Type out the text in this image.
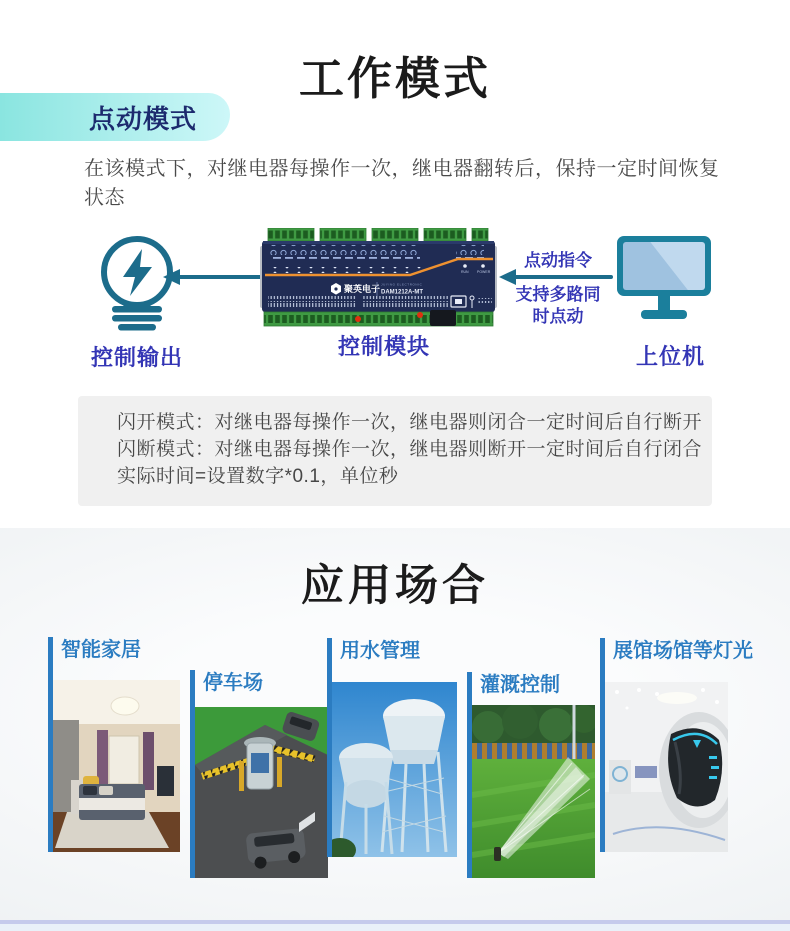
工作模式
点动模式

在该模式下，对继电器每操作一次，继电器翻转后，保持一定时间恢复状态

RUN POWER
聚英电子 JUYING ELECTRONIC
DAM1212A-MT
点动指令
支持多路同
时点动
控制输出	控制模块	上位机

闪开模式：对继电器每操作一次，继电器则闭合一定时间后自行断开

闪断模式：对继电器每操作一次，继电器则断开一定时间后自行闭合

实际时间=设置数字*0.1，单位秒

应用场合
智能家居
停车场
用水管理
灌溉控制
展馆场馆等灯光
